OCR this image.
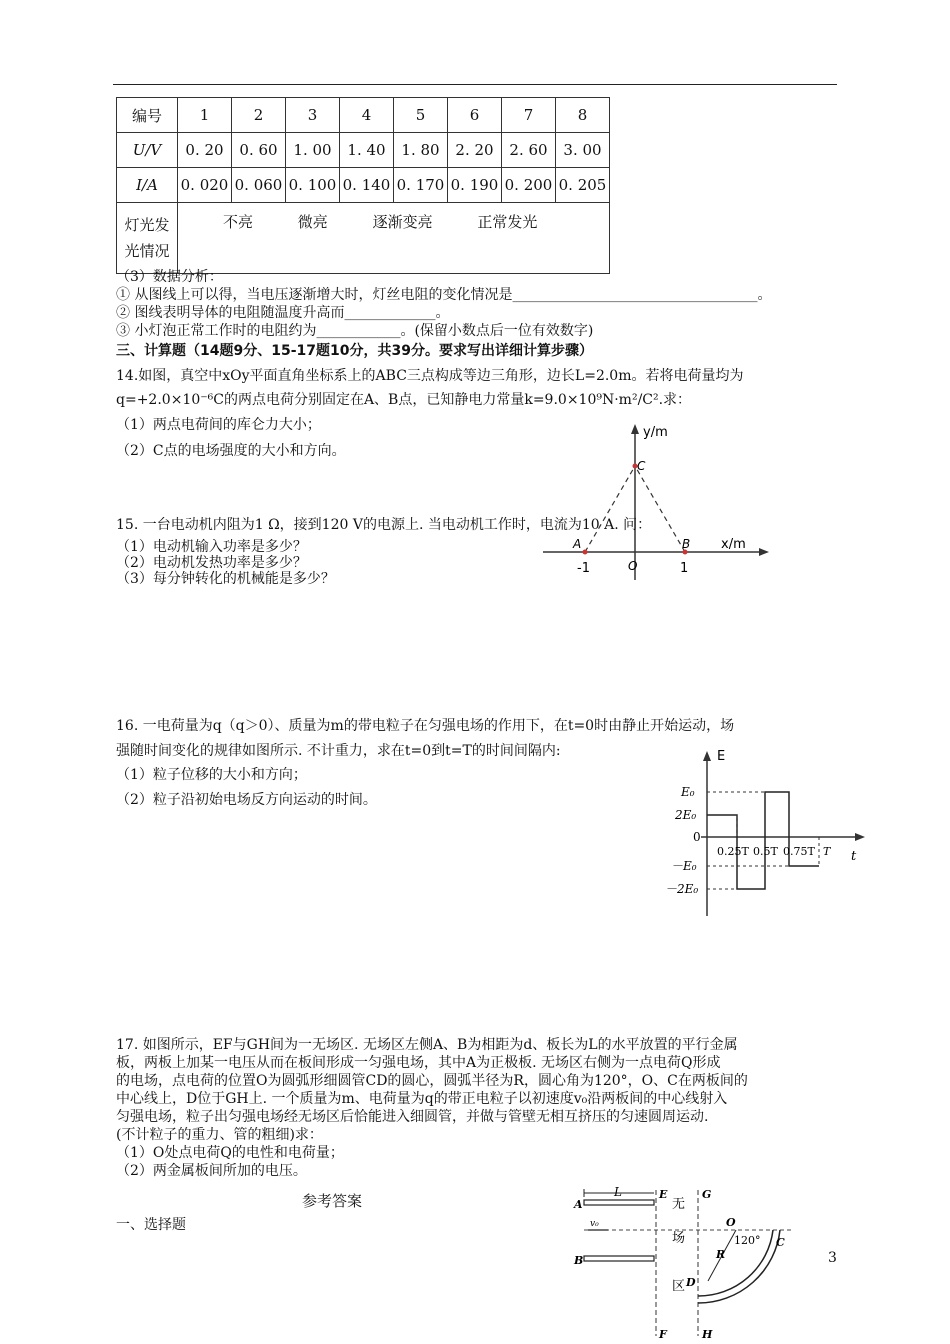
编号	1	2	3	4	5	6	7	8
U/V	0. 20	0. 60	1. 00	1. 40	1. 80	2. 20	2. 60	3. 00
I/A	0. 020	0. 060	0. 100	0. 140	0. 170	0. 190	0. 200	0. 205
灯光发
光情况	不亮 微亮 逐渐变亮 正常发光							
（3）数据分析：
① 从图线上可以得，当电压逐渐增大时，灯丝电阻的变化情况是___________________________________。
② 图线表明导体的电阻随温度升高而_____________。
③ 小灯泡正常工作时的电阻约为____________。(保留小数点后一位有效数字)
三、计算题（14题9分、15-17题10分，共39分。要求写出详细计算步骤）
14.如图，真空中xOy平面直角坐标系上的ABC三点构成等边三角形，边长L=2.0m。若将电荷量均为
q=+2.0×10⁻⁶C的两点电荷分别固定在A、B点，已知静电力常量k=9.0×10⁹N·m²/C².求：
（1）两点电荷间的库仑力大小；
（2）C点的电场强度的大小和方向。
y/m
C
A	B x/m
O
-1	1
15. 一台电动机内阻为1 Ω，接到120 V的电源上. 当电动机工作时，电流为10 A. 问：
（1）电动机输入功率是多少？
（2）电动机发热功率是多少？
（3）每分钟转化的机械能是多少？
16. 一电荷量为q（q＞0）、质量为m的带电粒子在匀强电场的作用下，在t=0时由静止开始运动，场
强随时间变化的规律如图所示. 不计重力，求在t=0到t=T的时间间隔内:
（1）粒子位移的大小和方向；
（2）粒子沿初始电场反方向运动的时间。
E
t
E₀
2E₀
0
－E₀
－2E₀
0.25T 0.5T 0.75T T
17. 如图所示，EF与GH间为一无场区. 无场区左侧A、B为相距为d、板长为L的水平放置的平行金属
板，两板上加某一电压从而在板间形成一匀强电场，其中A为正极板. 无场区右侧为一点电荷Q形成
的电场，点电荷的位置O为圆弧形细圆管CD的圆心，圆弧半径为R，圆心角为120°，O、C在两板间的
中心线上，D位于GH上. 一个质量为m、电荷量为q的带正电粒子以初速度v₀沿两板间的中心线射入
匀强电场，粒子出匀强电场经无场区后恰能进入细圆管，并做与管壁无相互挤压的匀速圆周运动.
(不计粒子的重力、管的粗细)求：
（1）O处点电荷Q的电性和电荷量；
（2）两金属板间所加的电压。
参考答案
一、选择题
A
B
L	E
F
G
H
无
场
区
O
C
R
D
v₀
120°
3
